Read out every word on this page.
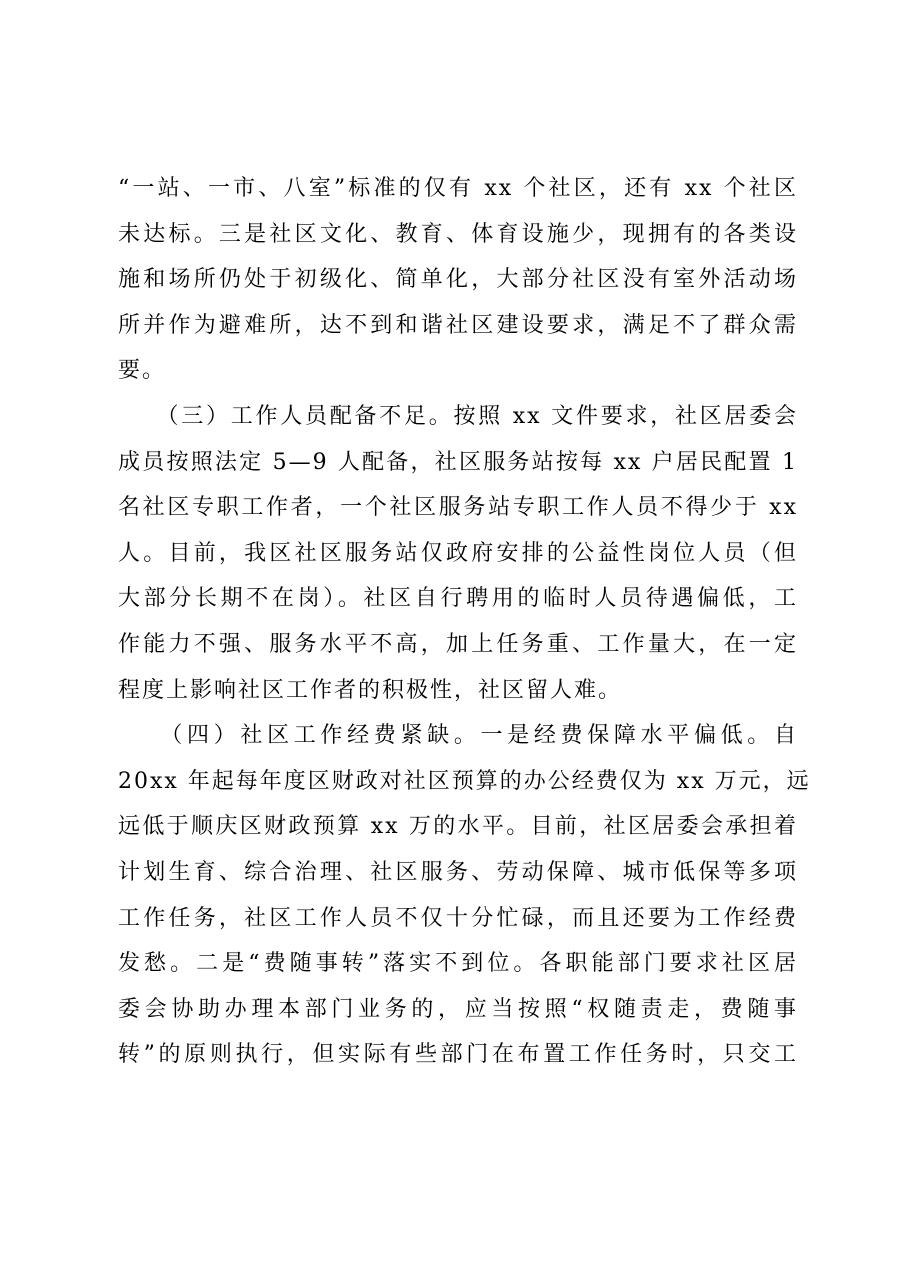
“一站、一市、八室”标准的仅有 xx 个社区，还有 xx 个社区
未达标。三是社区文化、教育、体育设施少，现拥有的各类设
施和场所仍处于初级化、简单化，大部分社区没有室外活动场
所并作为避难所，达不到和谐社区建设要求，满足不了群众需
要。
　　（三）工作人员配备不足。按照 xx 文件要求，社区居委会
成员按照法定 5—9 人配备，社区服务站按每 xx 户居民配置 1
名社区专职工作者，一个社区服务站专职工作人员不得少于 xx
人。目前，我区社区服务站仅政府安排的公益性岗位人员（但
大部分长期不在岗）。社区自行聘用的临时人员待遇偏低，工
作能力不强、服务水平不高，加上任务重、工作量大，在一定
程度上影响社区工作者的积极性，社区留人难。
　　（四）社区工作经费紧缺。一是经费保障水平偏低。自
20xx 年起每年度区财政对社区预算的办公经费仅为 xx 万元，远
远低于顺庆区财政预算 xx 万的水平。目前，社区居委会承担着
计划生育、综合治理、社区服务、劳动保障、城市低保等多项
工作任务，社区工作人员不仅十分忙碌，而且还要为工作经费
发愁。二是“费随事转”落实不到位。各职能部门要求社区居
委会协助办理本部门业务的，应当按照“权随责走，费随事
转”的原则执行，但实际有些部门在布置工作任务时，只交工
